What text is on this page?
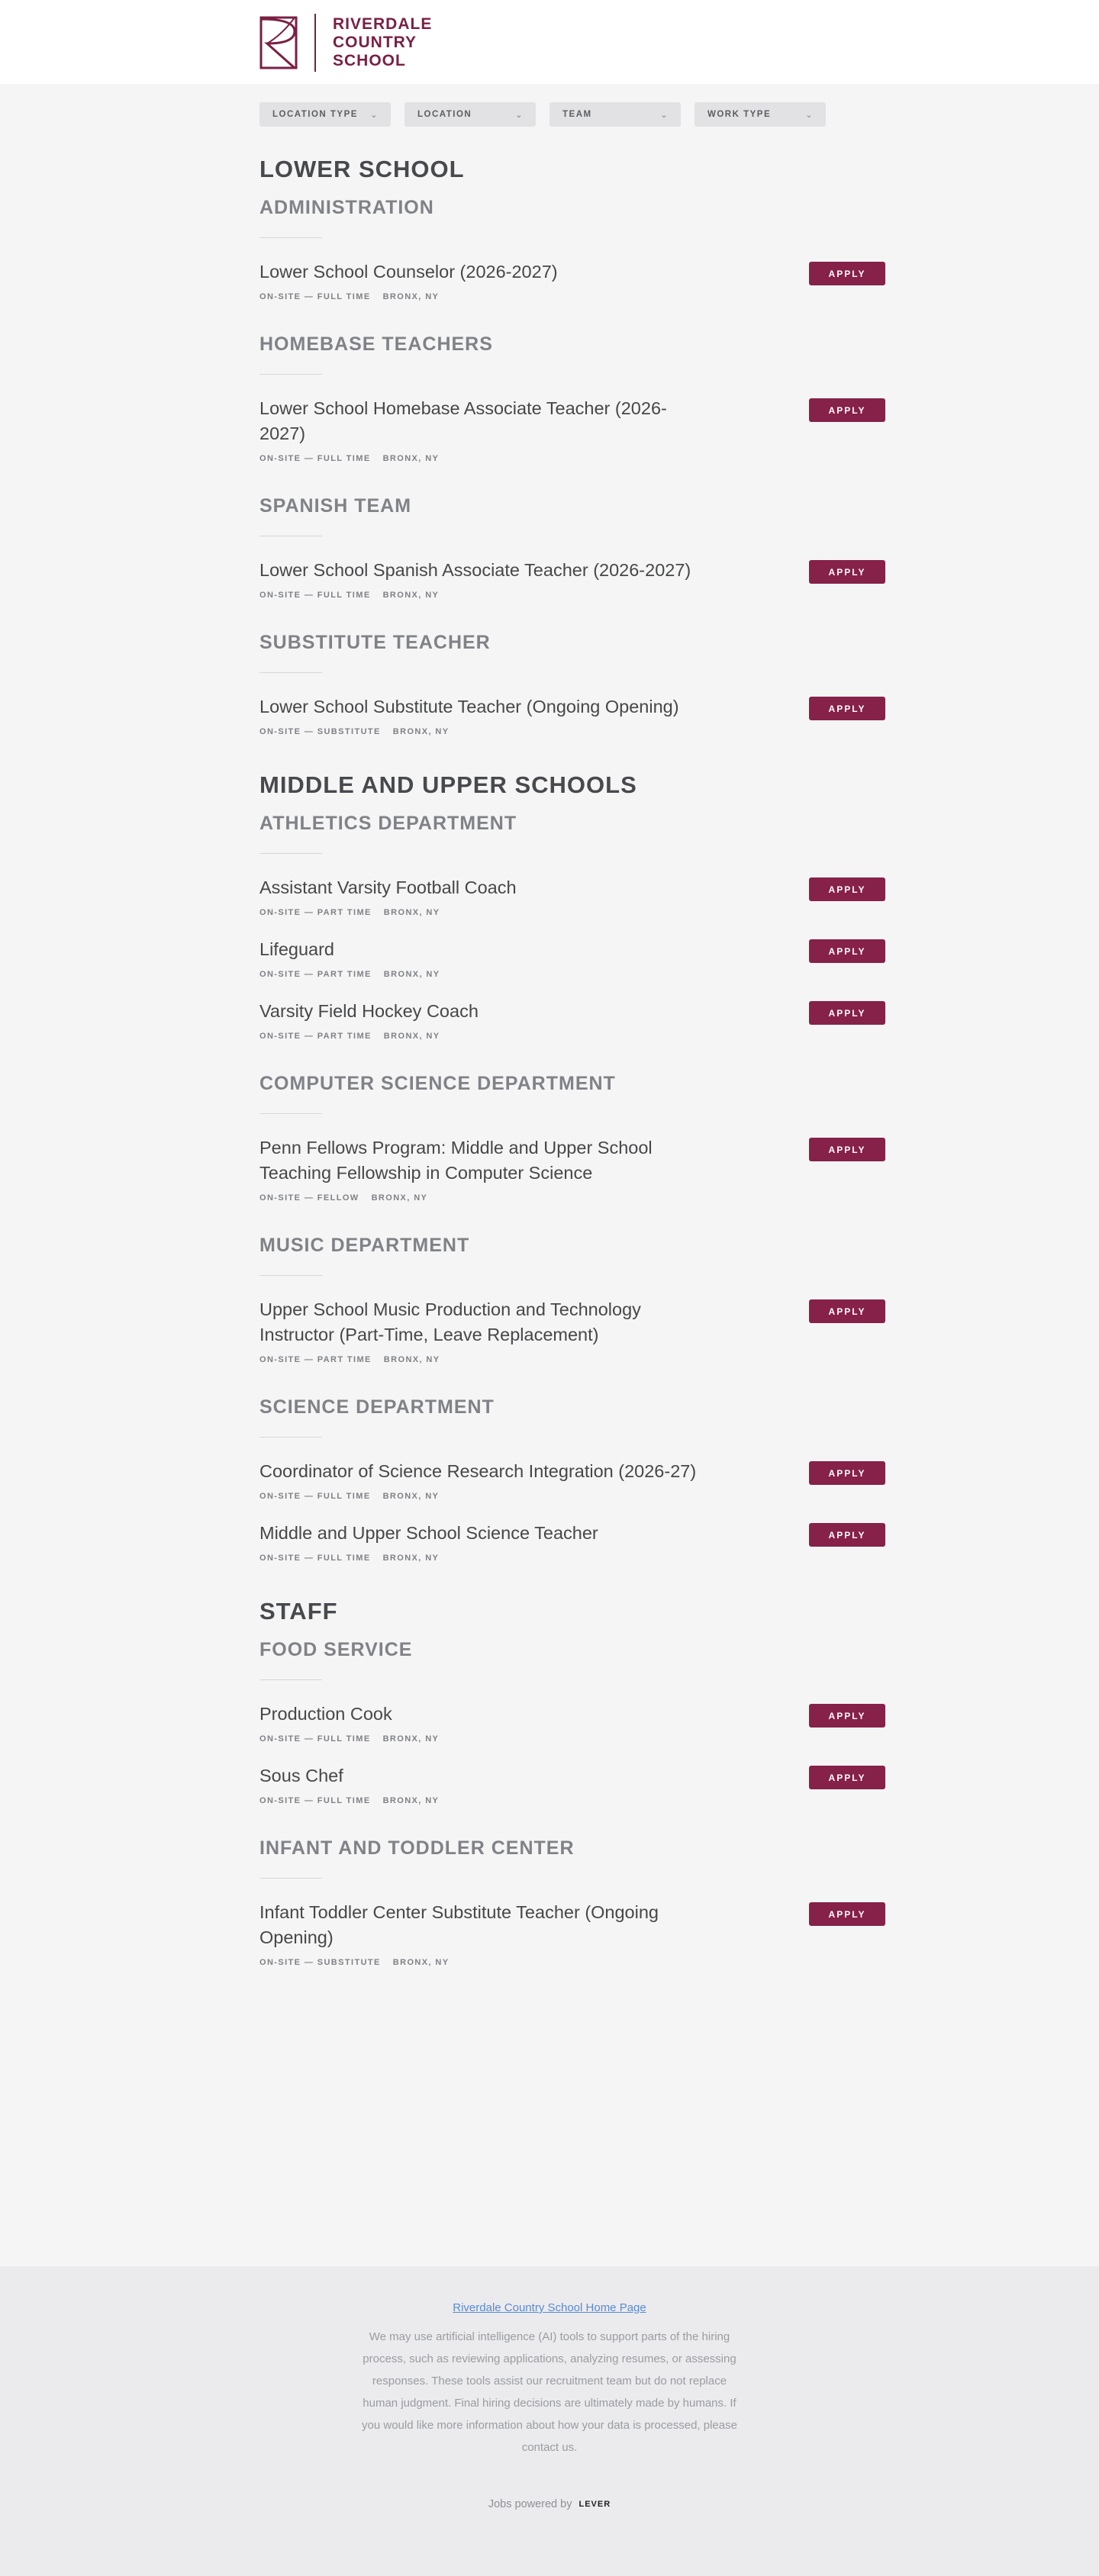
RIVERDALE
COUNTRY
SCHOOL
LOCATION TYPE ⌄	LOCATION	⌄	TEAM	⌄	WORK TYPE	⌄
LOWER SCHOOL
ADMINISTRATION
Lower School Counselor (2026-2027)
ON-SITE — FULL TIME BRONX, NY
APPLY
HOMEBASE TEACHERS
Lower School Homebase Associate Teacher (2026-2027)
ON-SITE — FULL TIME BRONX, NY
APPLY
SPANISH TEAM
Lower School Spanish Associate Teacher (2026-2027)
ON-SITE — FULL TIME BRONX, NY
APPLY
SUBSTITUTE TEACHER
Lower School Substitute Teacher (Ongoing Opening)
ON-SITE — SUBSTITUTE BRONX, NY
APPLY
MIDDLE AND UPPER SCHOOLS
ATHLETICS DEPARTMENT
Assistant Varsity Football Coach
ON-SITE — PART TIME BRONX, NY
APPLY
Lifeguard
ON-SITE — PART TIME BRONX, NY
APPLY
Varsity Field Hockey Coach
ON-SITE — PART TIME BRONX, NY
APPLY
COMPUTER SCIENCE DEPARTMENT
Penn Fellows Program: Middle and Upper School Teaching Fellowship in Computer Science
ON-SITE — FELLOW BRONX, NY
APPLY
MUSIC DEPARTMENT
Upper School Music Production and Technology Instructor (Part-Time, Leave Replacement)
ON-SITE — PART TIME BRONX, NY
APPLY
SCIENCE DEPARTMENT
Coordinator of Science Research Integration (2026-27)
ON-SITE — FULL TIME BRONX, NY
APPLY
Middle and Upper School Science Teacher
ON-SITE — FULL TIME BRONX, NY
APPLY
STAFF
FOOD SERVICE
Production Cook
ON-SITE — FULL TIME BRONX, NY
APPLY
Sous Chef
ON-SITE — FULL TIME BRONX, NY
APPLY
INFANT AND TODDLER CENTER
Infant Toddler Center Substitute Teacher (Ongoing Opening)
ON-SITE — SUBSTITUTE BRONX, NY
APPLY
Riverdale Country School Home Page

We may use artificial intelligence (AI) tools to support parts of the hiring process, such as reviewing applications, analyzing resumes, or assessing responses. These tools assist our recruitment team but do not replace human judgment. Final hiring decisions are ultimately made by humans. If you would like more information about how your data is processed, please contact us.

Jobs powered by LEVER
